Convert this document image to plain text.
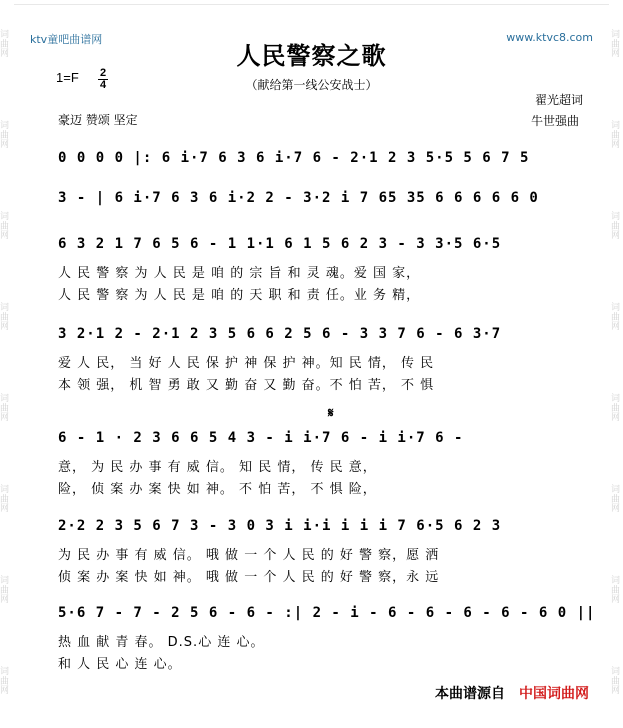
词 曲 网
词 曲 网
词 曲 网
词 曲 网
词 曲 网
词 曲 网
词 曲 网
词 曲 网
词 曲 网
词 曲 网
词 曲 网
词 曲 网
词 曲 网
词 曲 网
词 曲 网
词 曲 网
ktv童吧曲谱网	www.ktvc8.com
人民警察之歌
（献给第一线公安战士）
1=F	2
4
豪迈 赞颂 坚定
翟光超词
牛世强曲
0 0 0 0 |: 6 i·7 6 3 6 i·7 6 - 2·1 2 3 5·5 5 6 7 5
3 - | 6 i·7 6 3 6 i·2 2 - 3·2 i 7 65 35 6 6 6 6 6 0
6 3 2 1 7 6 5 6 - 1 1·1 6 1 5 6 2 3 - 3 3·5 6·5
人 民 警 察 为 人 民 是 咱 的 宗 旨 和 灵 魂。爱 国 家，
人 民 警 察 为 人 民 是 咱 的 天 职 和 责 任。业 务 精，
3 2·1 2 - 2·1 2 3 5 6 6 2 5 6 - 3 3 7 6 - 6 3·7
爱 人 民， 当 好 人 民 保 护 神 保 护 神。知 民 情， 传 民
本 领 强， 机 智 勇 敢 又 勤 奋 又 勤 奋。不 怕 苦， 不 惧
𝄋
6 - 1 · 2 3 6 6 5 4 3 - i i·7 6 - i i·7 6 -
意， 为 民 办 事 有 威 信。 知 民 情， 传 民 意，
险， 侦 案 办 案 快 如 神。 不 怕 苦， 不 惧 险，
2·2 2 3 5 6 7 3 - 3 0 3 i i·i i i i 7 6·5 6 2 3
为 民 办 事 有 威 信。 哦 做 一 个 人 民 的 好 警 察，愿 洒
侦 案 办 案 快 如 神。 哦 做 一 个 人 民 的 好 警 察，永 远
5·6 7 - 7 - 2 5 6 - 6 - :| 2 - i - 6 - 6 - 6 - 6 - 6 0 ||
热 血 献 青 春。 D.S.心 连 心。
和 人 民 心 连 心。
本曲谱源自 中国词曲网
